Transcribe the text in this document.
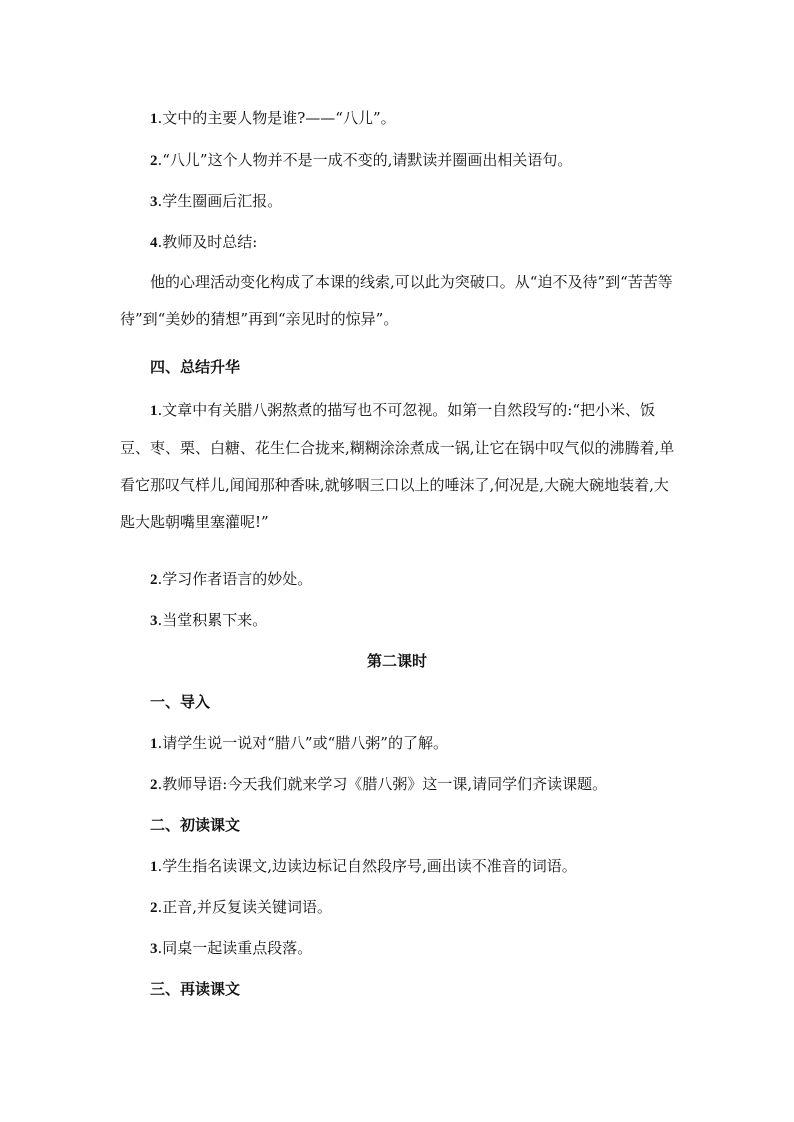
1.文中的主要人物是谁?——“八儿”。
2.“八儿”这个人物并不是一成不变的,请默读并圈画出相关语句。
3.学生圈画后汇报。
4.教师及时总结:

他的心理活动变化构成了本课的线索,可以此为突破口。从“迫不及待”到“苦苦等待”到“美妙的猜想”再到“亲见时的惊异”。

四、总结升华

1.文章中有关腊八粥熬煮的描写也不可忽视。如第一自然段写的:“把小米、饭豆、枣、栗、白糖、花生仁合拢来,糊糊涂涂煮成一锅,让它在锅中叹气似的沸腾着,单看它那叹气样儿,闻闻那种香味,就够咽三口以上的唾沫了,何况是,大碗大碗地装着,大匙大匙朝嘴里塞灌呢!”

2.学习作者语言的妙处。
3.当堂积累下来。
第二课时
一、导入
1.请学生说一说对“腊八”或“腊八粥”的了解。
2.教师导语:今天我们就来学习《腊八粥》这一课,请同学们齐读课题。
二、初读课文
1.学生指名读课文,边读边标记自然段序号,画出读不准音的词语。
2.正音,并反复读关键词语。
3.同桌一起读重点段落。
三、再读课文
